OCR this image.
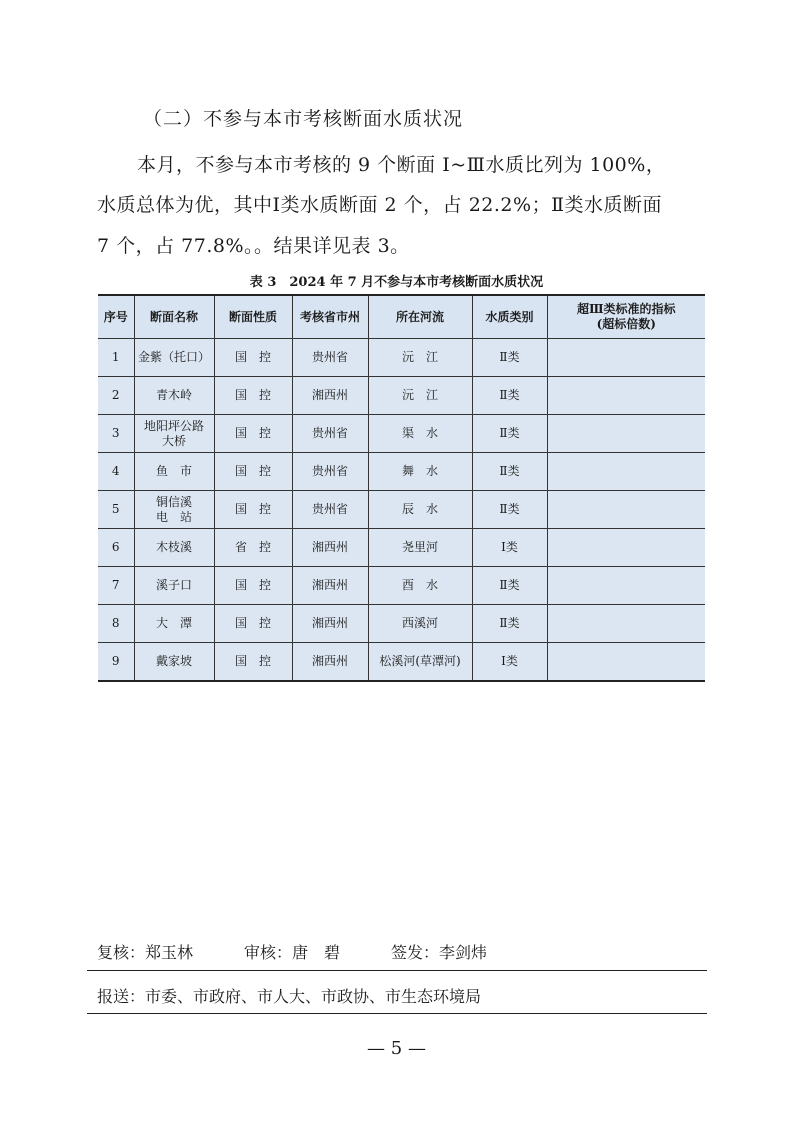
（二）不参与本市考核断面水质状况
本月，不参与本市考核的 9 个断面 Ⅰ~Ⅲ水质比列为 100%，
水质总体为优，其中Ⅰ类水质断面 2 个，占 22.2%；Ⅱ类水质断面
7 个，占 77.8%。。结果详见表 3。
表 3　2024 年 7 月不参与本市考核断面水质状况
序号	断面名称	断面性质	考核省市州	所在河流	水质类别	超Ⅲ类标准的指标
(超标倍数)
1	金紫（托口）	国　控	贵州省	沅　江	Ⅱ类	
2	青木岭	国　控	湘西州	沅　江	Ⅱ类	
3	地阳坪公路
大桥	国　控	贵州省	渠　水	Ⅱ类	
4	鱼　市	国　控	贵州省	舞　水	Ⅱ类	
5	铜信溪
电　站	国　控	贵州省	辰　水	Ⅱ类	
6	木枝溪	省　控	湘西州	尧里河	Ⅰ类	
7	溪子口	国　控	湘西州	酉　水	Ⅱ类	
8	大　潭	国　控	湘西州	西溪河	Ⅱ类	
9	戴家坡	国　控	湘西州	松溪河(草潭河)	Ⅰ类	
复核：郑玉林	审核：唐　碧	签发：李剑炜
报送：市委、市政府、市人大、市政协、市生态环境局
— 5 —
